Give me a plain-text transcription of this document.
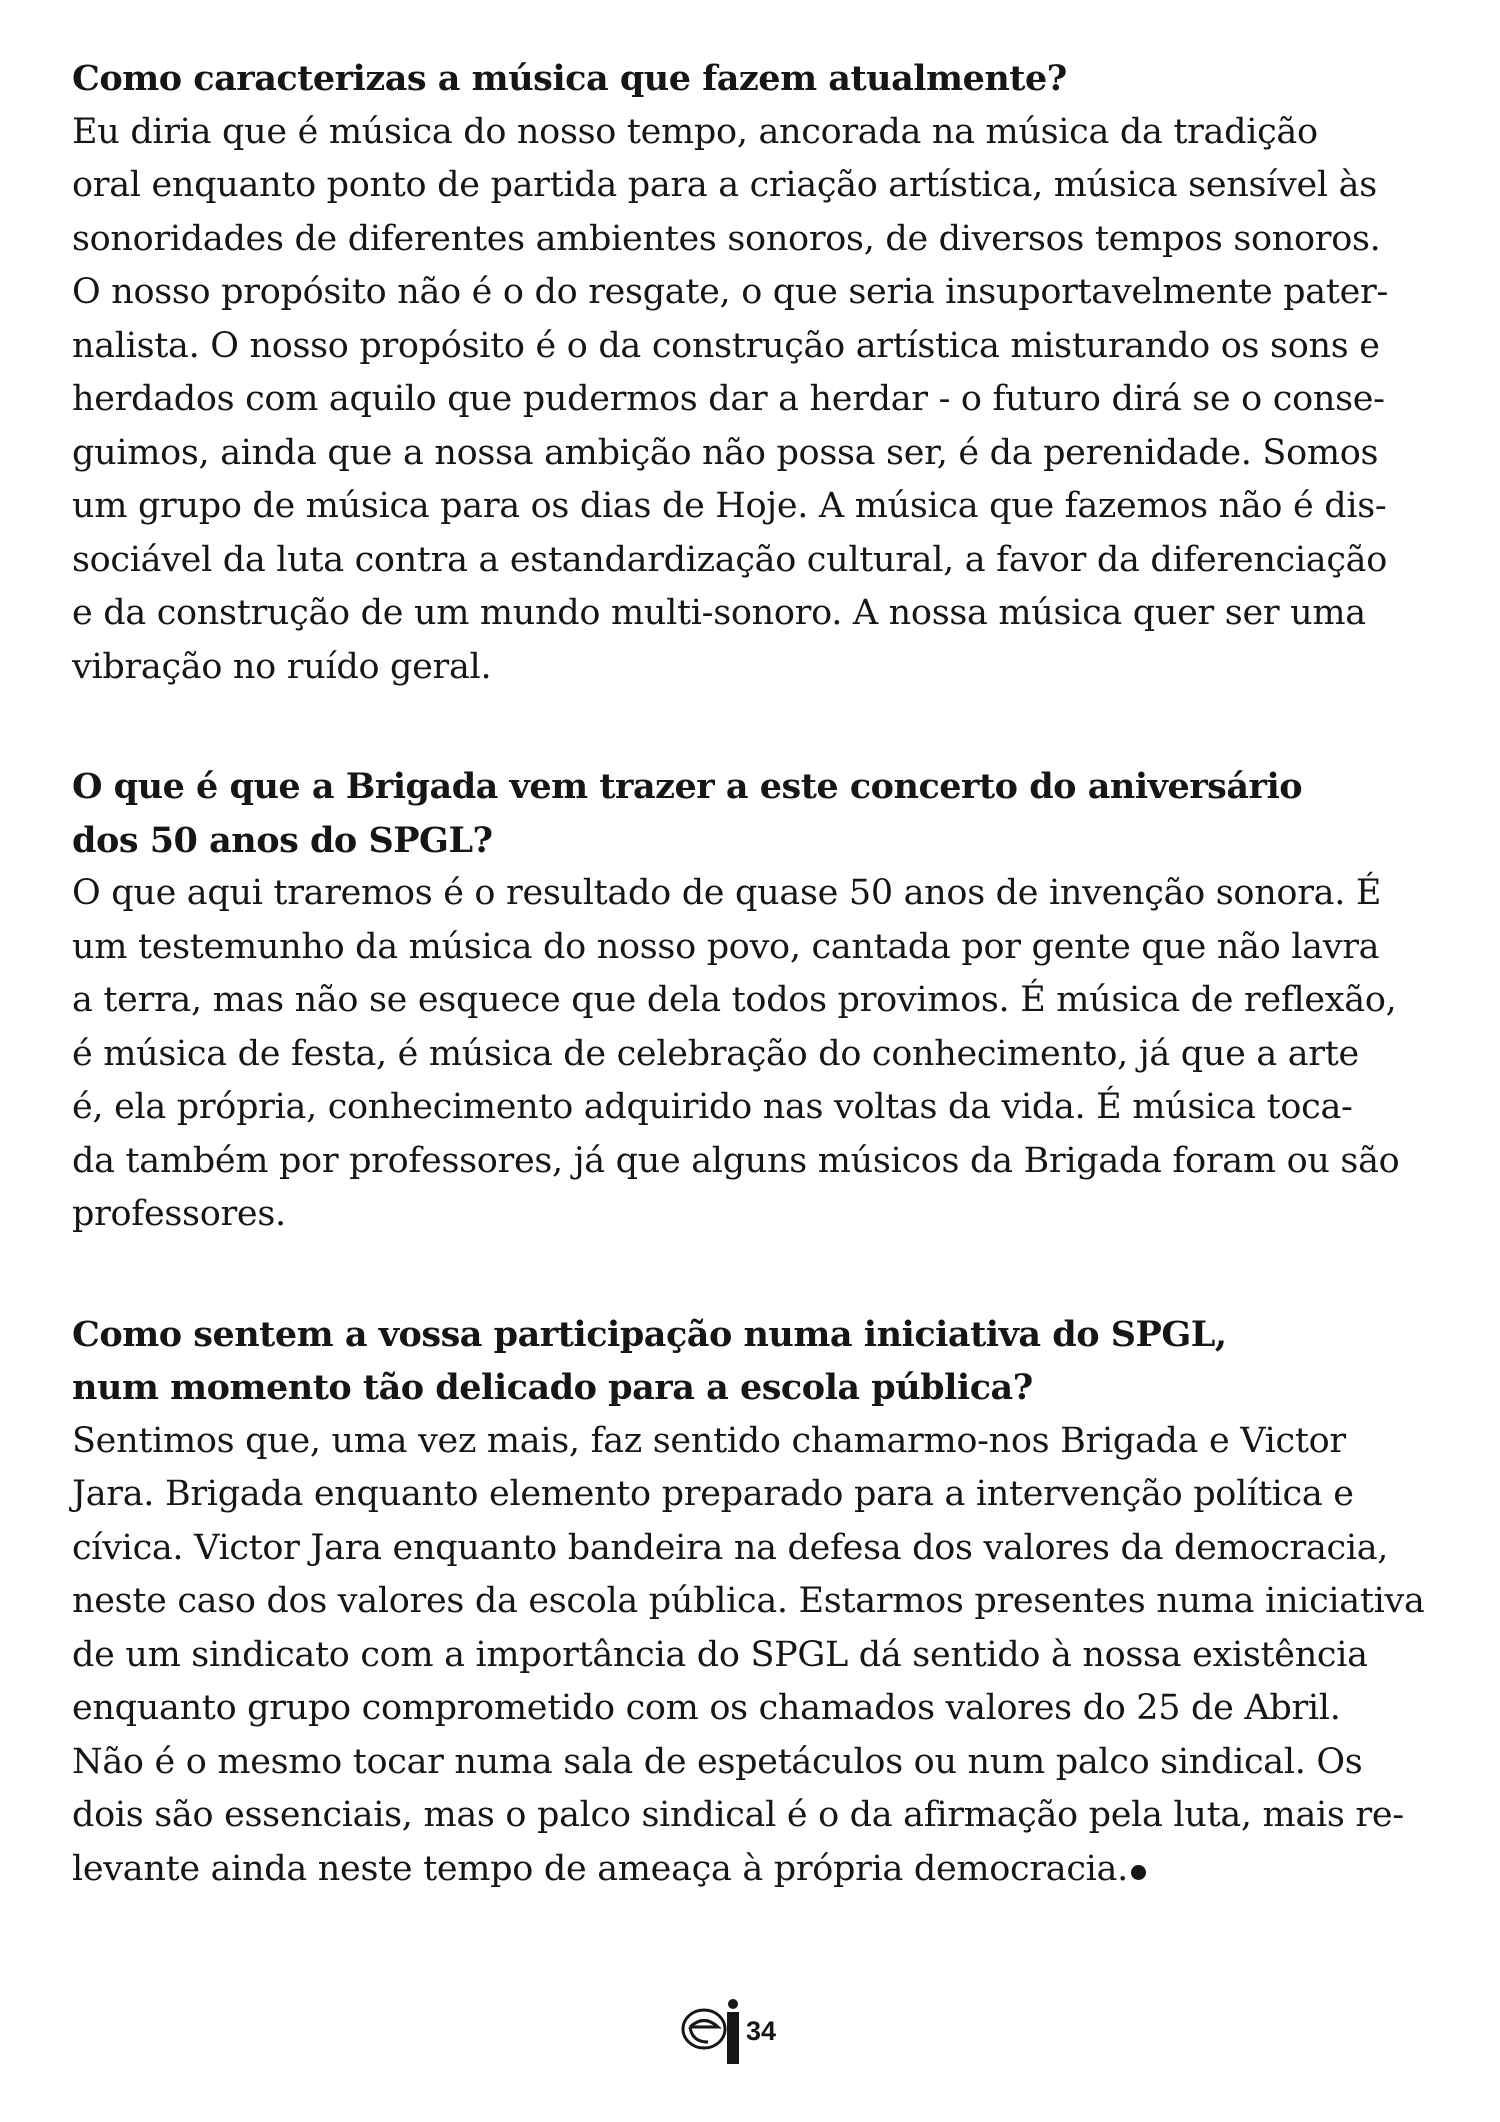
Como caracterizas a música que fazem atualmente?
Eu diria que é música do nosso tempo, ancorada na música da tradição
oral enquanto ponto de partida para a criação artística, música sensível às
sonoridades de diferentes ambientes sonoros, de diversos tempos sonoros.
O nosso propósito não é o do resgate, o que seria insuportavelmente pater-
nalista. O nosso propósito é o da construção artística misturando os sons e
herdados com aquilo que pudermos dar a herdar - o futuro dirá se o conse-
guimos, ainda que a nossa ambição não possa ser, é da perenidade. Somos
um grupo de música para os dias de Hoje. A música que fazemos não é dis-
sociável da luta contra a estandardização cultural, a favor da diferenciação
e da construção de um mundo multi-sonoro. A nossa música quer ser uma
vibração no ruído geral.
O que é que a Brigada vem trazer a este concerto do aniversário
dos 50 anos do SPGL?
O que aqui traremos é o resultado de quase 50 anos de invenção sonora. É
um testemunho da música do nosso povo, cantada por gente que não lavra
a terra, mas não se esquece que dela todos provimos. É música de reflexão,
é música de festa, é música de celebração do conhecimento, já que a arte
é, ela própria, conhecimento adquirido nas voltas da vida. É música toca-
da também por professores, já que alguns músicos da Brigada foram ou são
professores.
Como sentem a vossa participação numa iniciativa do SPGL,
num momento tão delicado para a escola pública?
Sentimos que, uma vez mais, faz sentido chamarmo-nos Brigada e Victor
Jara. Brigada enquanto elemento preparado para a intervenção política e
cívica. Victor Jara enquanto bandeira na defesa dos valores da democracia,
neste caso dos valores da escola pública. Estarmos presentes numa iniciativa
de um sindicato com a importância do SPGL dá sentido à nossa existência
enquanto grupo comprometido com os chamados valores do 25 de Abril.
Não é o mesmo tocar numa sala de espetáculos ou num palco sindical. Os
dois são essenciais, mas o palco sindical é o da afirmação pela luta, mais re-
levante ainda neste tempo de ameaça à própria democracia.
34
